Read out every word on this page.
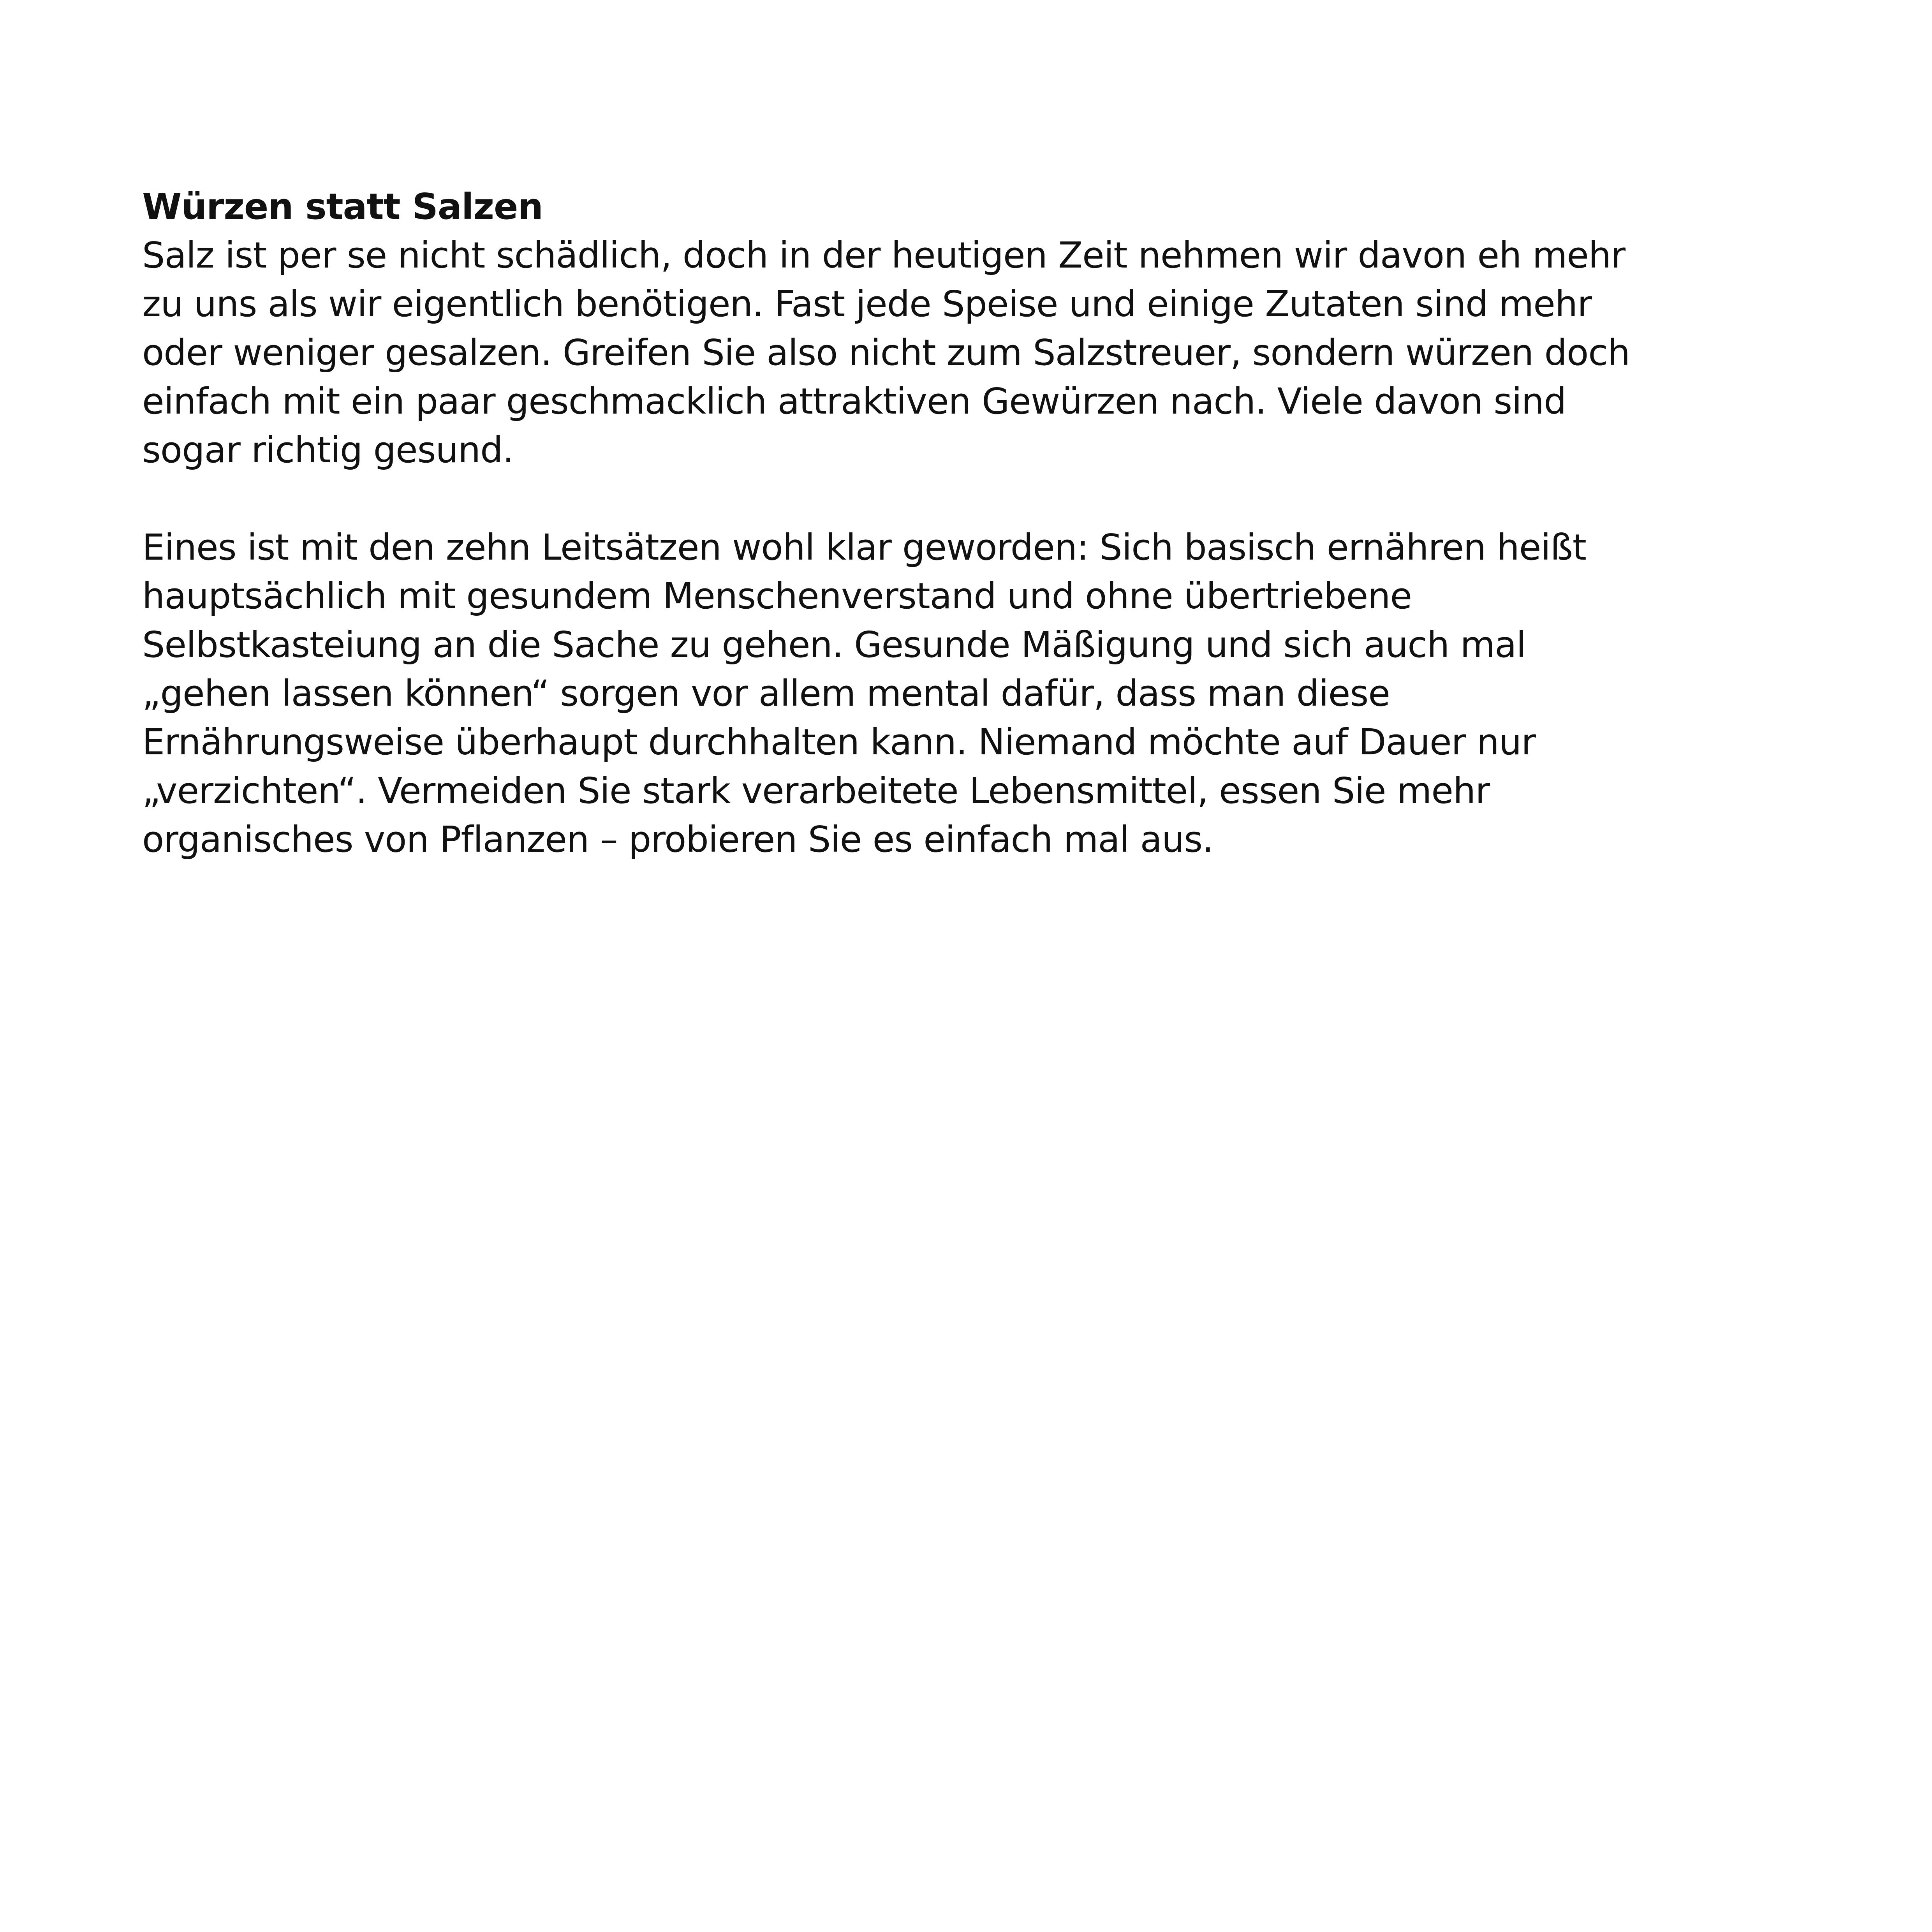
Würzen statt Salzen

Salz ist per se nicht schädlich, doch in der heutigen Zeit nehmen wir davon eh mehr
zu uns als wir eigentlich benötigen. Fast jede Speise und einige Zutaten sind mehr
oder weniger gesalzen. Greifen Sie also nicht zum Salzstreuer, sondern würzen doch
einfach mit ein paar geschmacklich attraktiven Gewürzen nach. Viele davon sind
sogar richtig gesund.

Eines ist mit den zehn Leitsätzen wohl klar geworden: Sich basisch ernähren heißt
hauptsächlich mit gesundem Menschenverstand und ohne übertriebene
Selbstkasteiung an die Sache zu gehen. Gesunde Mäßigung und sich auch mal
„gehen lassen können“ sorgen vor allem mental dafür, dass man diese
Ernährungsweise überhaupt durchhalten kann. Niemand möchte auf Dauer nur
„verzichten“. Vermeiden Sie stark verarbeitete Lebensmittel, essen Sie mehr
organisches von Pflanzen – probieren Sie es einfach mal aus.
